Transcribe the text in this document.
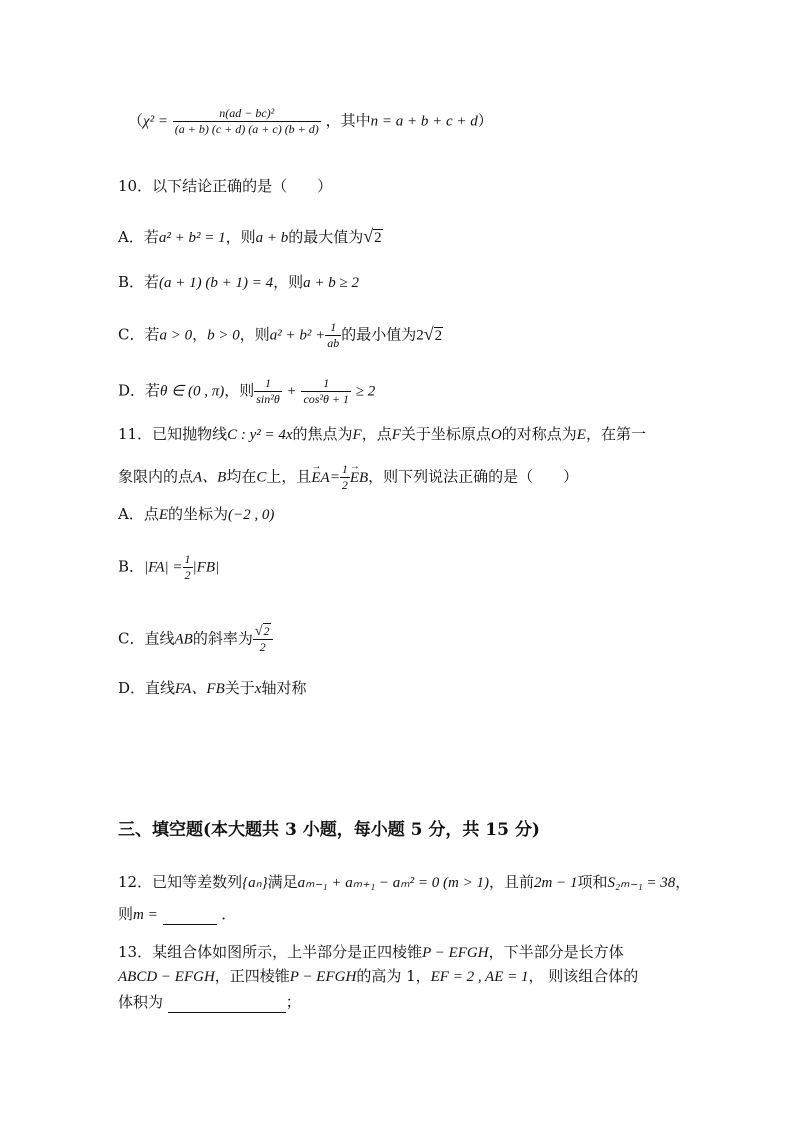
（$\chi^2 = \frac{\text{n(ad − bc)²}}{(a + b) (c + d) (a + c) (b + d)}$ ，其中n = a + b + c + d）
10．以下结论正确的是（　　）
A．若a² + b² = 1，则a + b的最大值为√2
B．若(a + 1) (b + 1) = 4，则a + b ≥ 2
C．若a > 0，b > 0，则$a^2 + b^2 + \frac{1}{ab}$ 的最小值为2√2
D．若θ ∈ (0 , π)，则 $\frac{1}{\text{sin²θ}} + \frac{1}{\text{cos²θ + 1}} \ge 2$
11．已知抛物线C : y² = 4x的焦点为F，点F关于坐标原点O的对称点为E，在第一
象限内的点A、B均在C上，且→ $EA= \frac{1}{2}$
→ EB，则下列说法正确的是（　　）
A．点E的坐标为(−2 , 0)
B．$|FA| = \frac{1}{2} |FB|$
C．直线AB的斜率为 $\frac{√2}{2}$
D．直线FA、FB关于x轴对称
三、填空题(本大题共 3 小题，每小题 5 分，共 15 分)
12．已知等差数列{aₙ}满足aₘ₋₁ + aₘ₊₁ − aₘ² = 0 (m > 1)，且前2m − 1项和S₂ₘ₋₁ = 38，
则m =	．
13．某组合体如图所示，上半部分是正四棱锥P − EFGH，下半部分是长方体
ABCD − EFGH，正四棱锥P − EFGH的高为 1，EF = 2 , AE = 1， 则该组合体的
体积为	；
